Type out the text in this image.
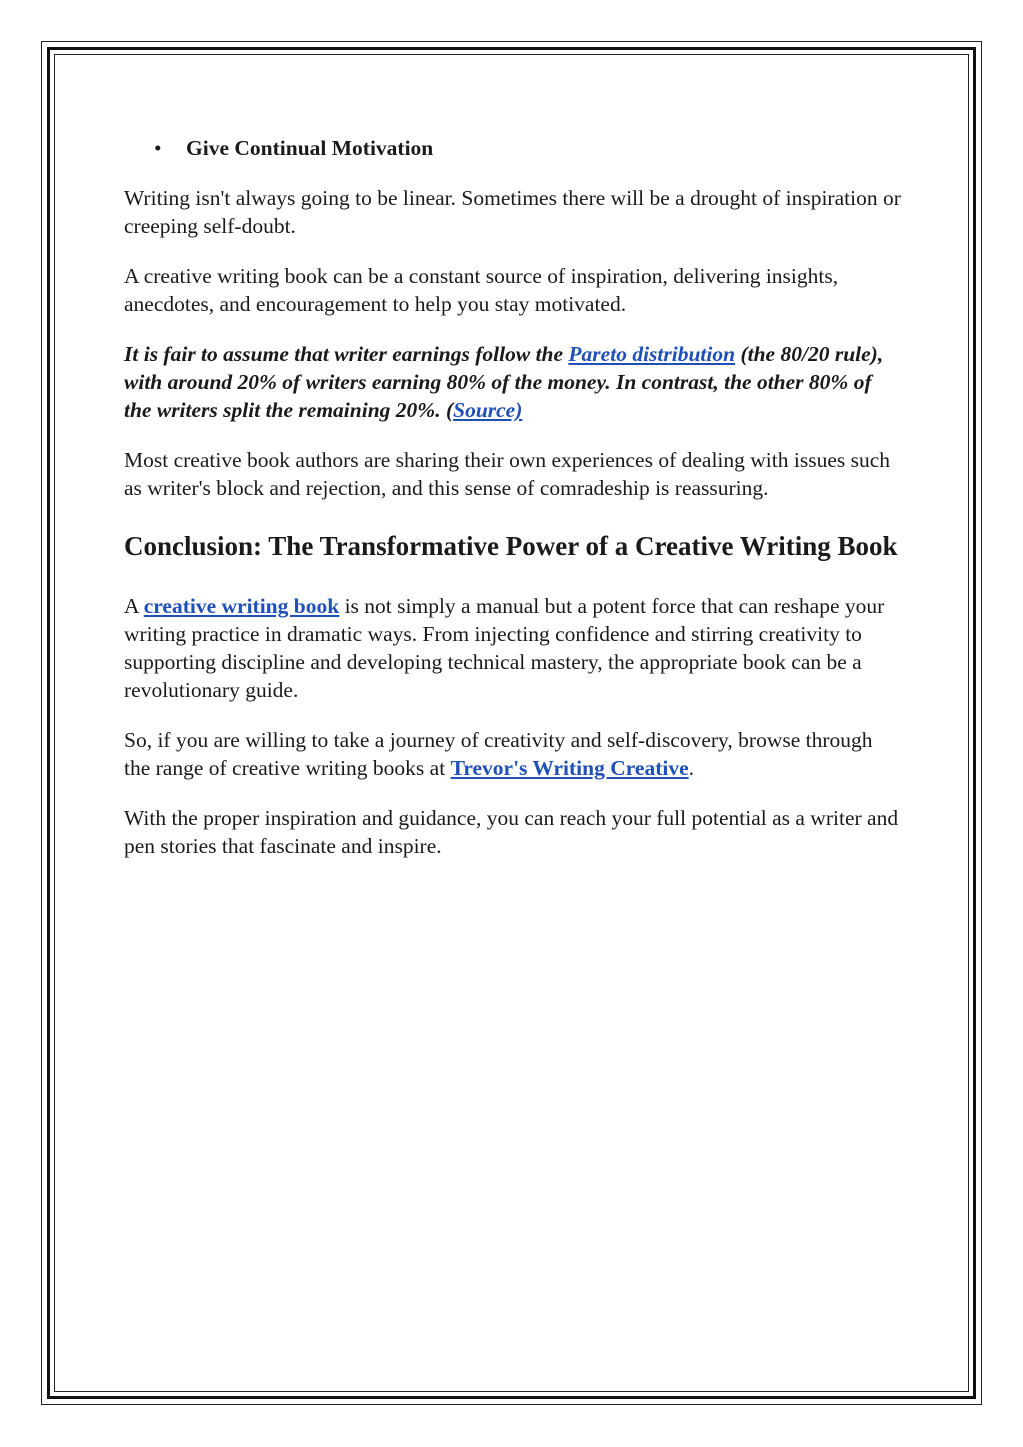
•	Give Continual Motivation

Writing isn't always going to be linear. Sometimes there will be a drought of inspiration or creeping self-doubt.

A creative writing book can be a constant source of inspiration, delivering insights, anecdotes, and encouragement to help you stay motivated.

It is fair to assume that writer earnings follow the Pareto distribution (the 80/20 rule), with around 20% of writers earning 80% of the money. In contrast, the other 80% of the writers split the remaining 20%. (Source)

Most creative book authors are sharing their own experiences of dealing with issues such as writer's block and rejection, and this sense of comradeship is reassuring.

Conclusion: The Transformative Power of a Creative Writing Book

A creative writing book is not simply a manual but a potent force that can reshape your writing practice in dramatic ways. From injecting confidence and stirring creativity to supporting discipline and developing technical mastery, the appropriate book can be a revolutionary guide.

So, if you are willing to take a journey of creativity and self-discovery, browse through the range of creative writing books at Trevor's Writing Creative.

With the proper inspiration and guidance, you can reach your full potential as a writer and pen stories that fascinate and inspire.
